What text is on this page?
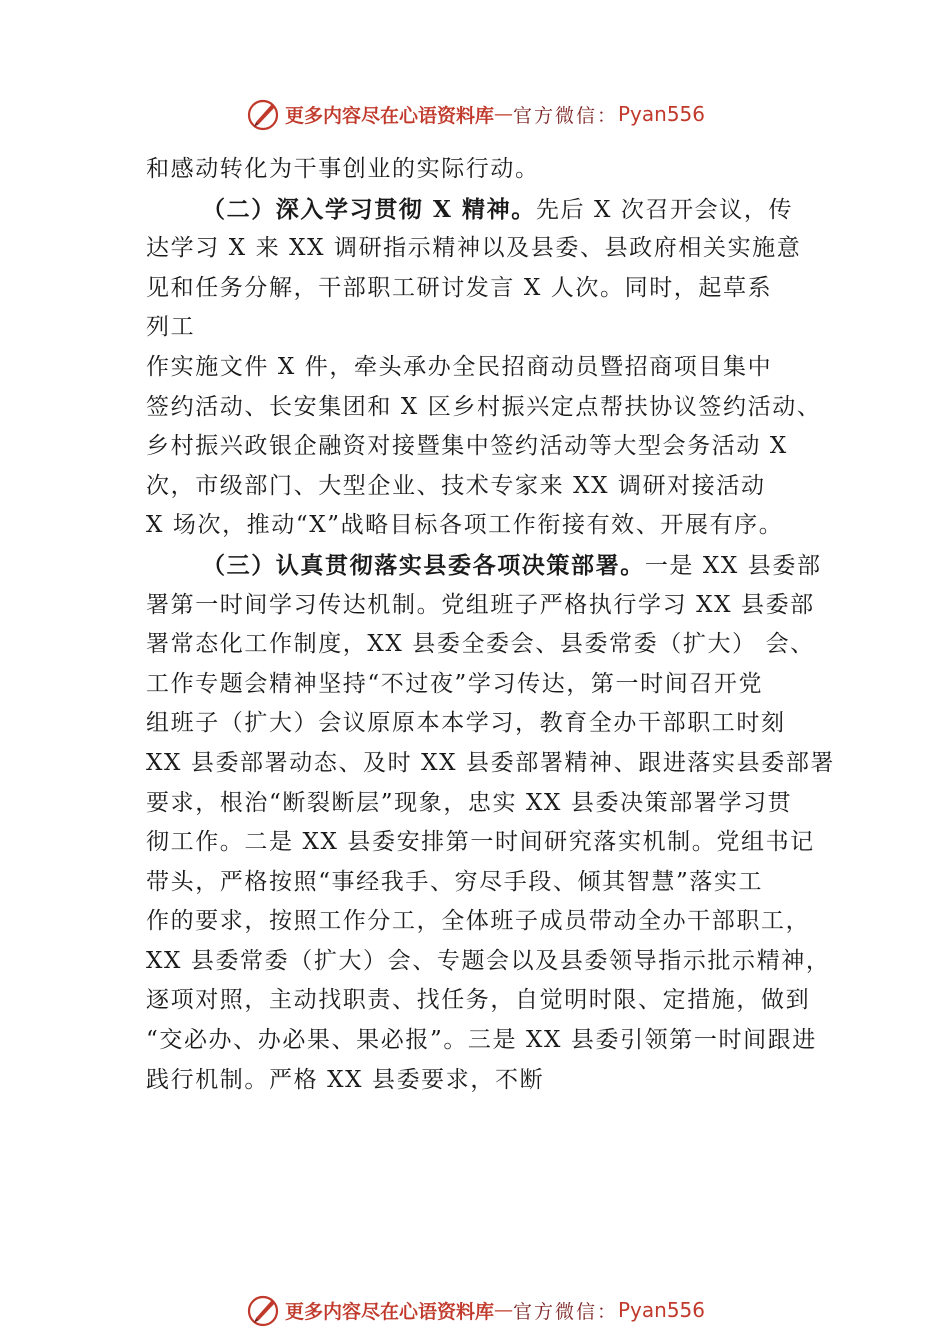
更多内容尽在心语资料库 — 官方微信： Pyan556
和感动转化为干事创业的实际行动。
（二）深入学习贯彻 X 精神。先后 X 次召开会议，传
达学习 X 来 XX 调研指示精神以及县委、县政府相关实施意
见和任务分解，干部职工研讨发言 X 人次。同时，起草系
列工
作实施文件 X 件，牵头承办全民招商动员暨招商项目集中
签约活动、长安集团和 X 区乡村振兴定点帮扶协议签约活动、
乡村振兴政银企融资对接暨集中签约活动等大型会务活动 X
次，市级部门、大型企业、技术专家来 XX 调研对接活动
X 场次，推动“X”战略目标各项工作衔接有效、开展有序。
（三）认真贯彻落实县委各项决策部署。一是 XX 县委部
署第一时间学习传达机制。党组班子严格执行学习 XX 县委部
署常态化工作制度，XX 县委全委会、县委常委（扩大） 会、
工作专题会精神坚持“不过夜”学习传达，第一时间召开党
组班子（扩大）会议原原本本学习，教育全办干部职工时刻
XX 县委部署动态、及时 XX 县委部署精神、跟进落实县委部署
要求，根治“断裂断层”现象，忠实 XX 县委决策部署学习贯
彻工作。二是 XX 县委安排第一时间研究落实机制。党组书记
带头，严格按照“事经我手、穷尽手段、倾其智慧”落实工
作的要求，按照工作分工，全体班子成员带动全办干部职工，
XX 县委常委（扩大）会、专题会以及县委领导指示批示精神，
逐项对照，主动找职责、找任务，自觉明时限、定措施，做到
“交必办、办必果、果必报”。三是 XX 县委引领第一时间跟进
践行机制。严格 XX 县委要求，不断
更多内容尽在心语资料库 — 官方微信： Pyan556
